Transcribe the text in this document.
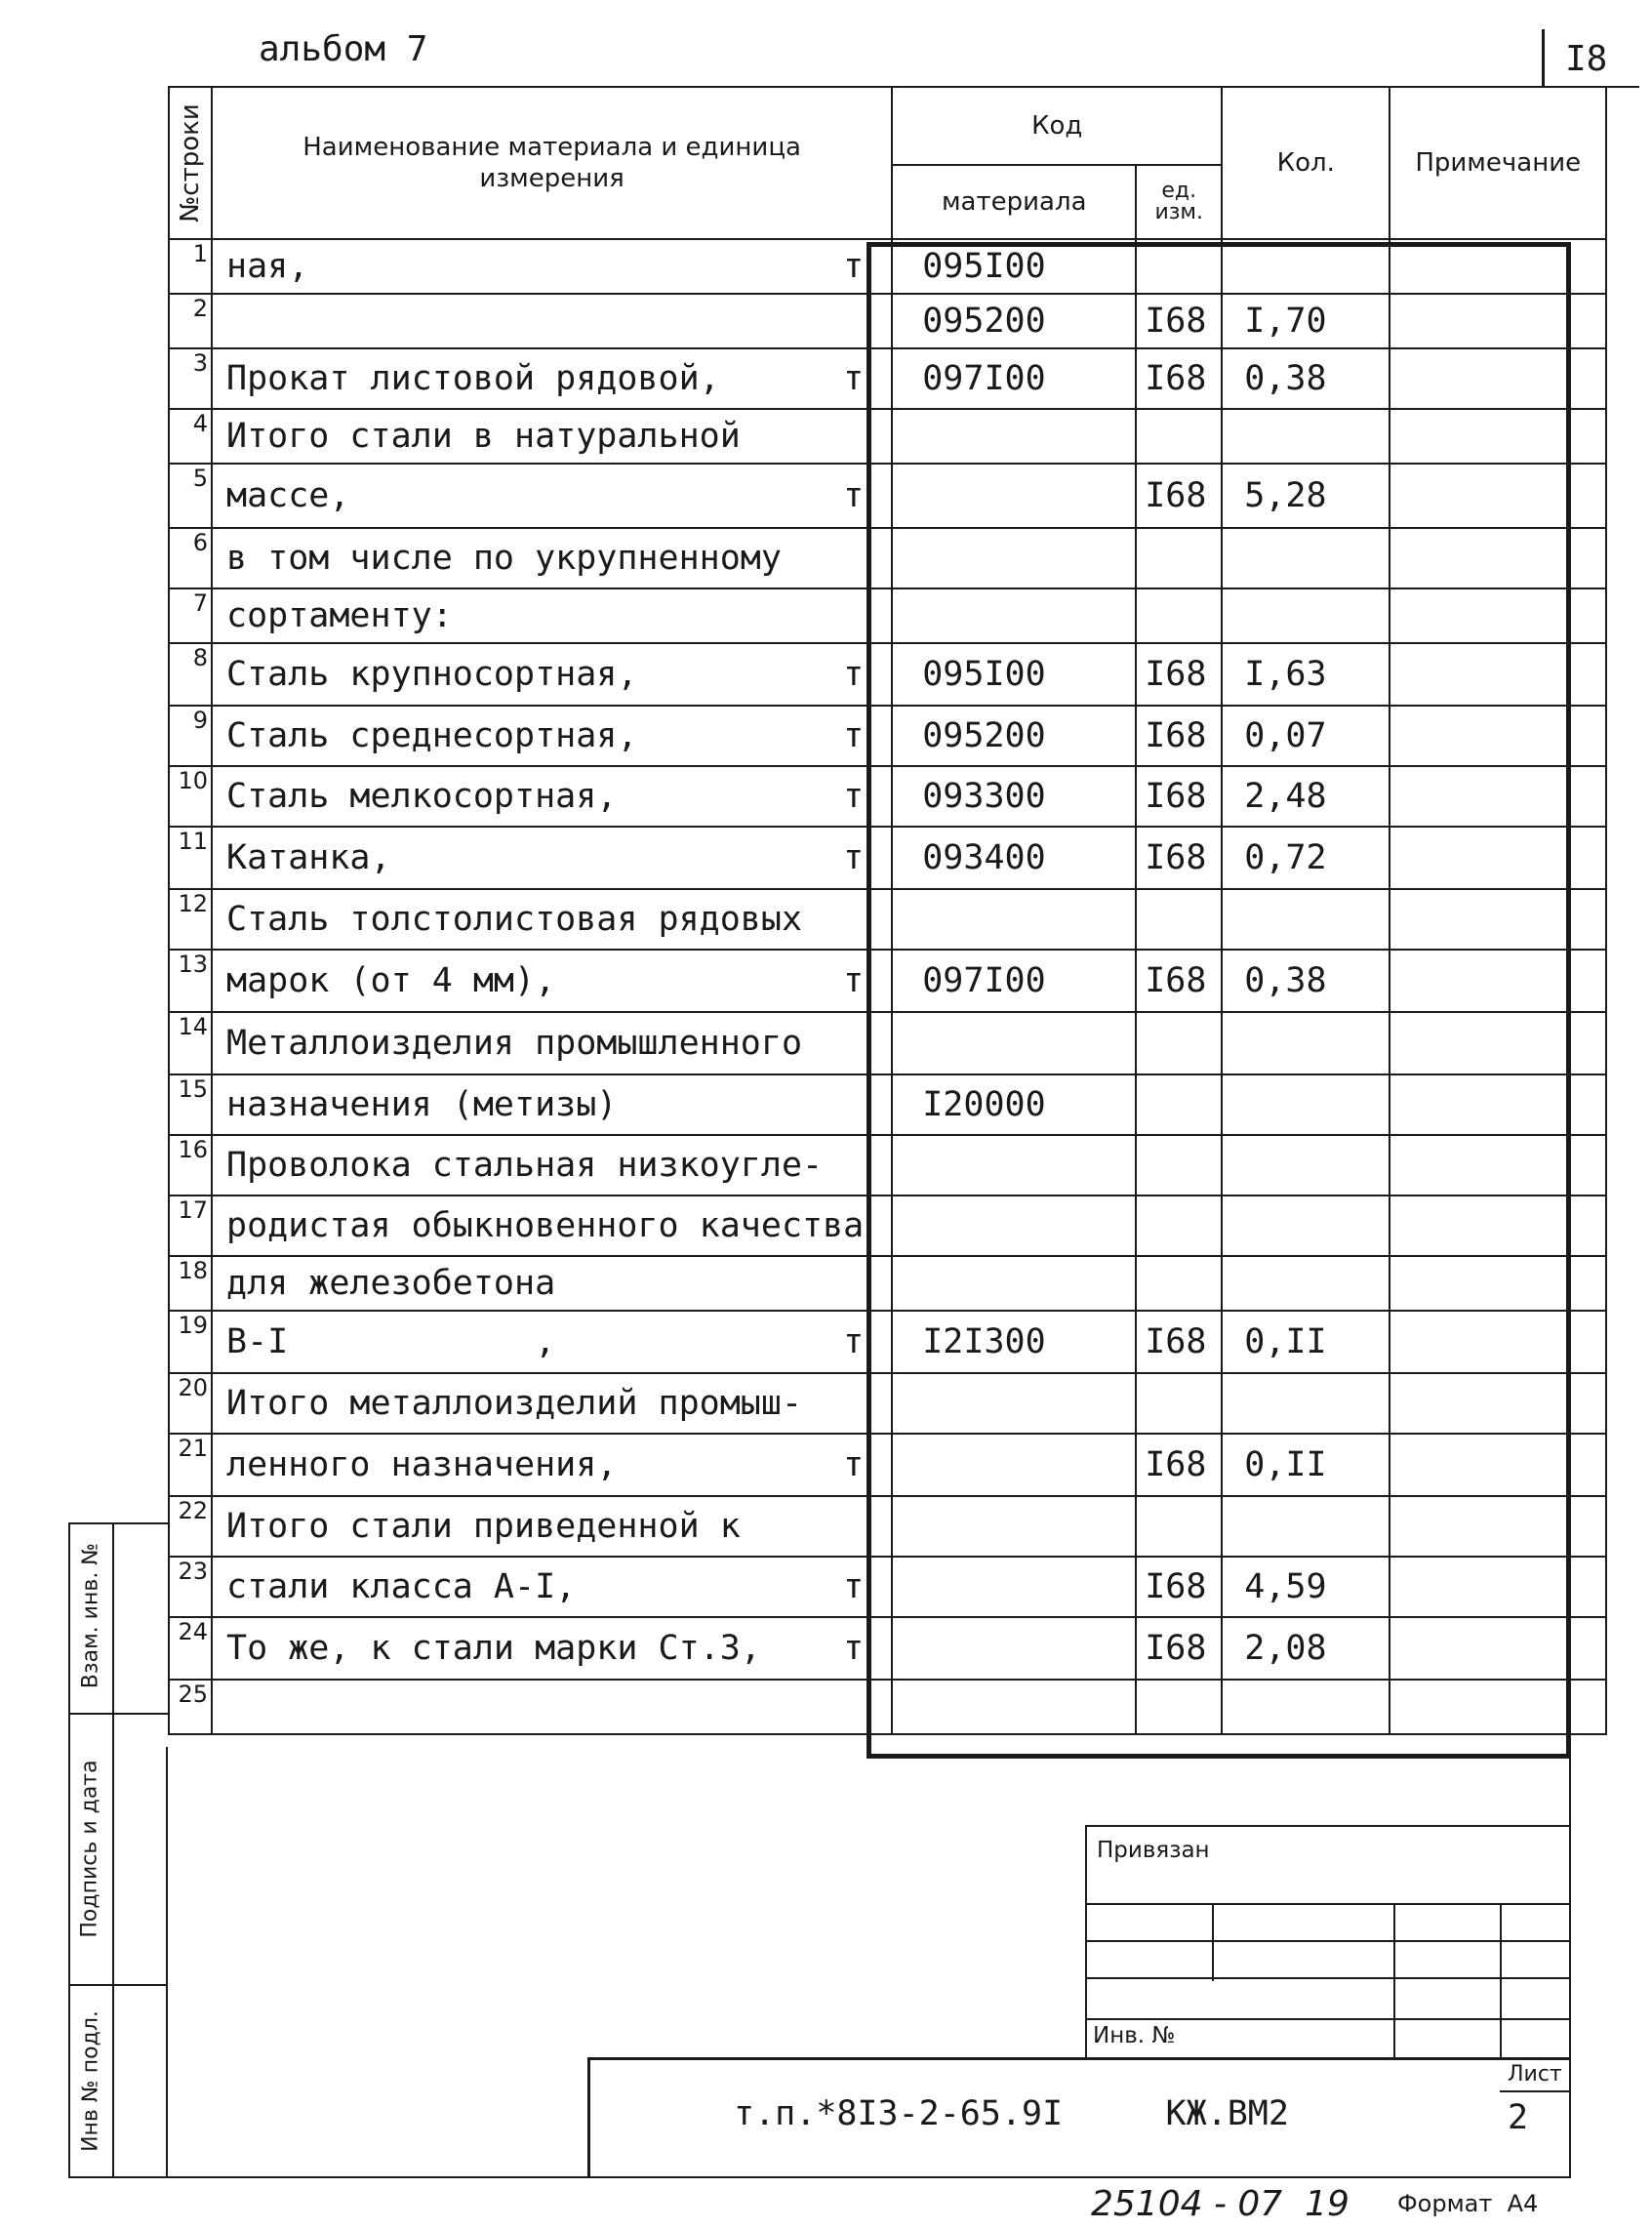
альбом 7	I8
№строки	Наименование материала и единица измерения	Код		Кол.	Примечание
		материала	ед. изм.		
1	ная, т	095I00			
2		095200	I68	I,70	
3	Прокат листовой рядовой, т	097I00	I68	0,38	
4	Итого стали в натуральной				

5	массе, т		I68	5,28	
6	в том числе по укрупненному				

7	сортаменту:				

8	Сталь крупносортная, т	095I00	I68	I,63	
9	Сталь среднесортная, т	095200	I68	0,07	
10	Сталь мелкосортная, т	093300	I68	2,48	
11	Катанка, т	093400	I68	0,72	
12	Сталь толстолистовая рядовых				

13	марок (от 4 мм), т	097I00	I68	0,38	
14	Металлоизделия промышленного				

15	назначения (метизы)	I20000			
16	Проволока стальная низкоугле-				

17	родистая обыкновенного качества				

18	для железобетона				

19	В-I            , т	I2I300	I68	0,II	
20	Итого металлоизделий промыш-				

21	ленного назначения, т		I68	0,II	
22	Итого стали приведенной к				

23	стали класса А-I, т		I68	4,59	
24	То же, к стали марки Ст.3, т		I68	2,08	
25	

Взам. инв. №
Подпись и дата
Инв № подл.
Привязан
Инв. №
т.п.*8I3-2-65.9I     КЖ.ВМ2
Лист
2
25104 - 07  19 Формат  А4
